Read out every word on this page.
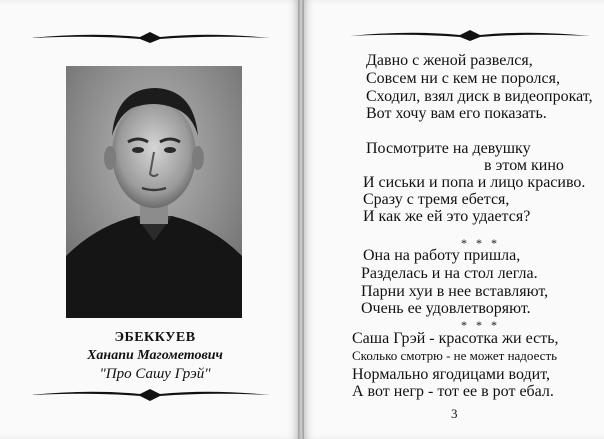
ЭБЕККУЕВ
Ханапи Магометович
"Про Сашу Грэй"
Давно с женой развелся,
Совсем ни с кем не поролся,
Сходил, взял диск в видеопрокат,
Вот хочу вам его показать.
Посмотрите на девушку
в этом кино
И сиськи и попа и лицо красиво.
Сразу с тремя ебется,
И как же ей это удается?
* * *
Она на работу пришла,
Разделась и на стол легла.
Парни хуи в нее вставляют,
Очень ее удовлетворяют.
* * *
Саша Грэй - красотка жи есть,
Сколько смотрю - не может надоесть
Нормально ягодицами водит,
А вот негр - тот ее в рот ебал.
3
